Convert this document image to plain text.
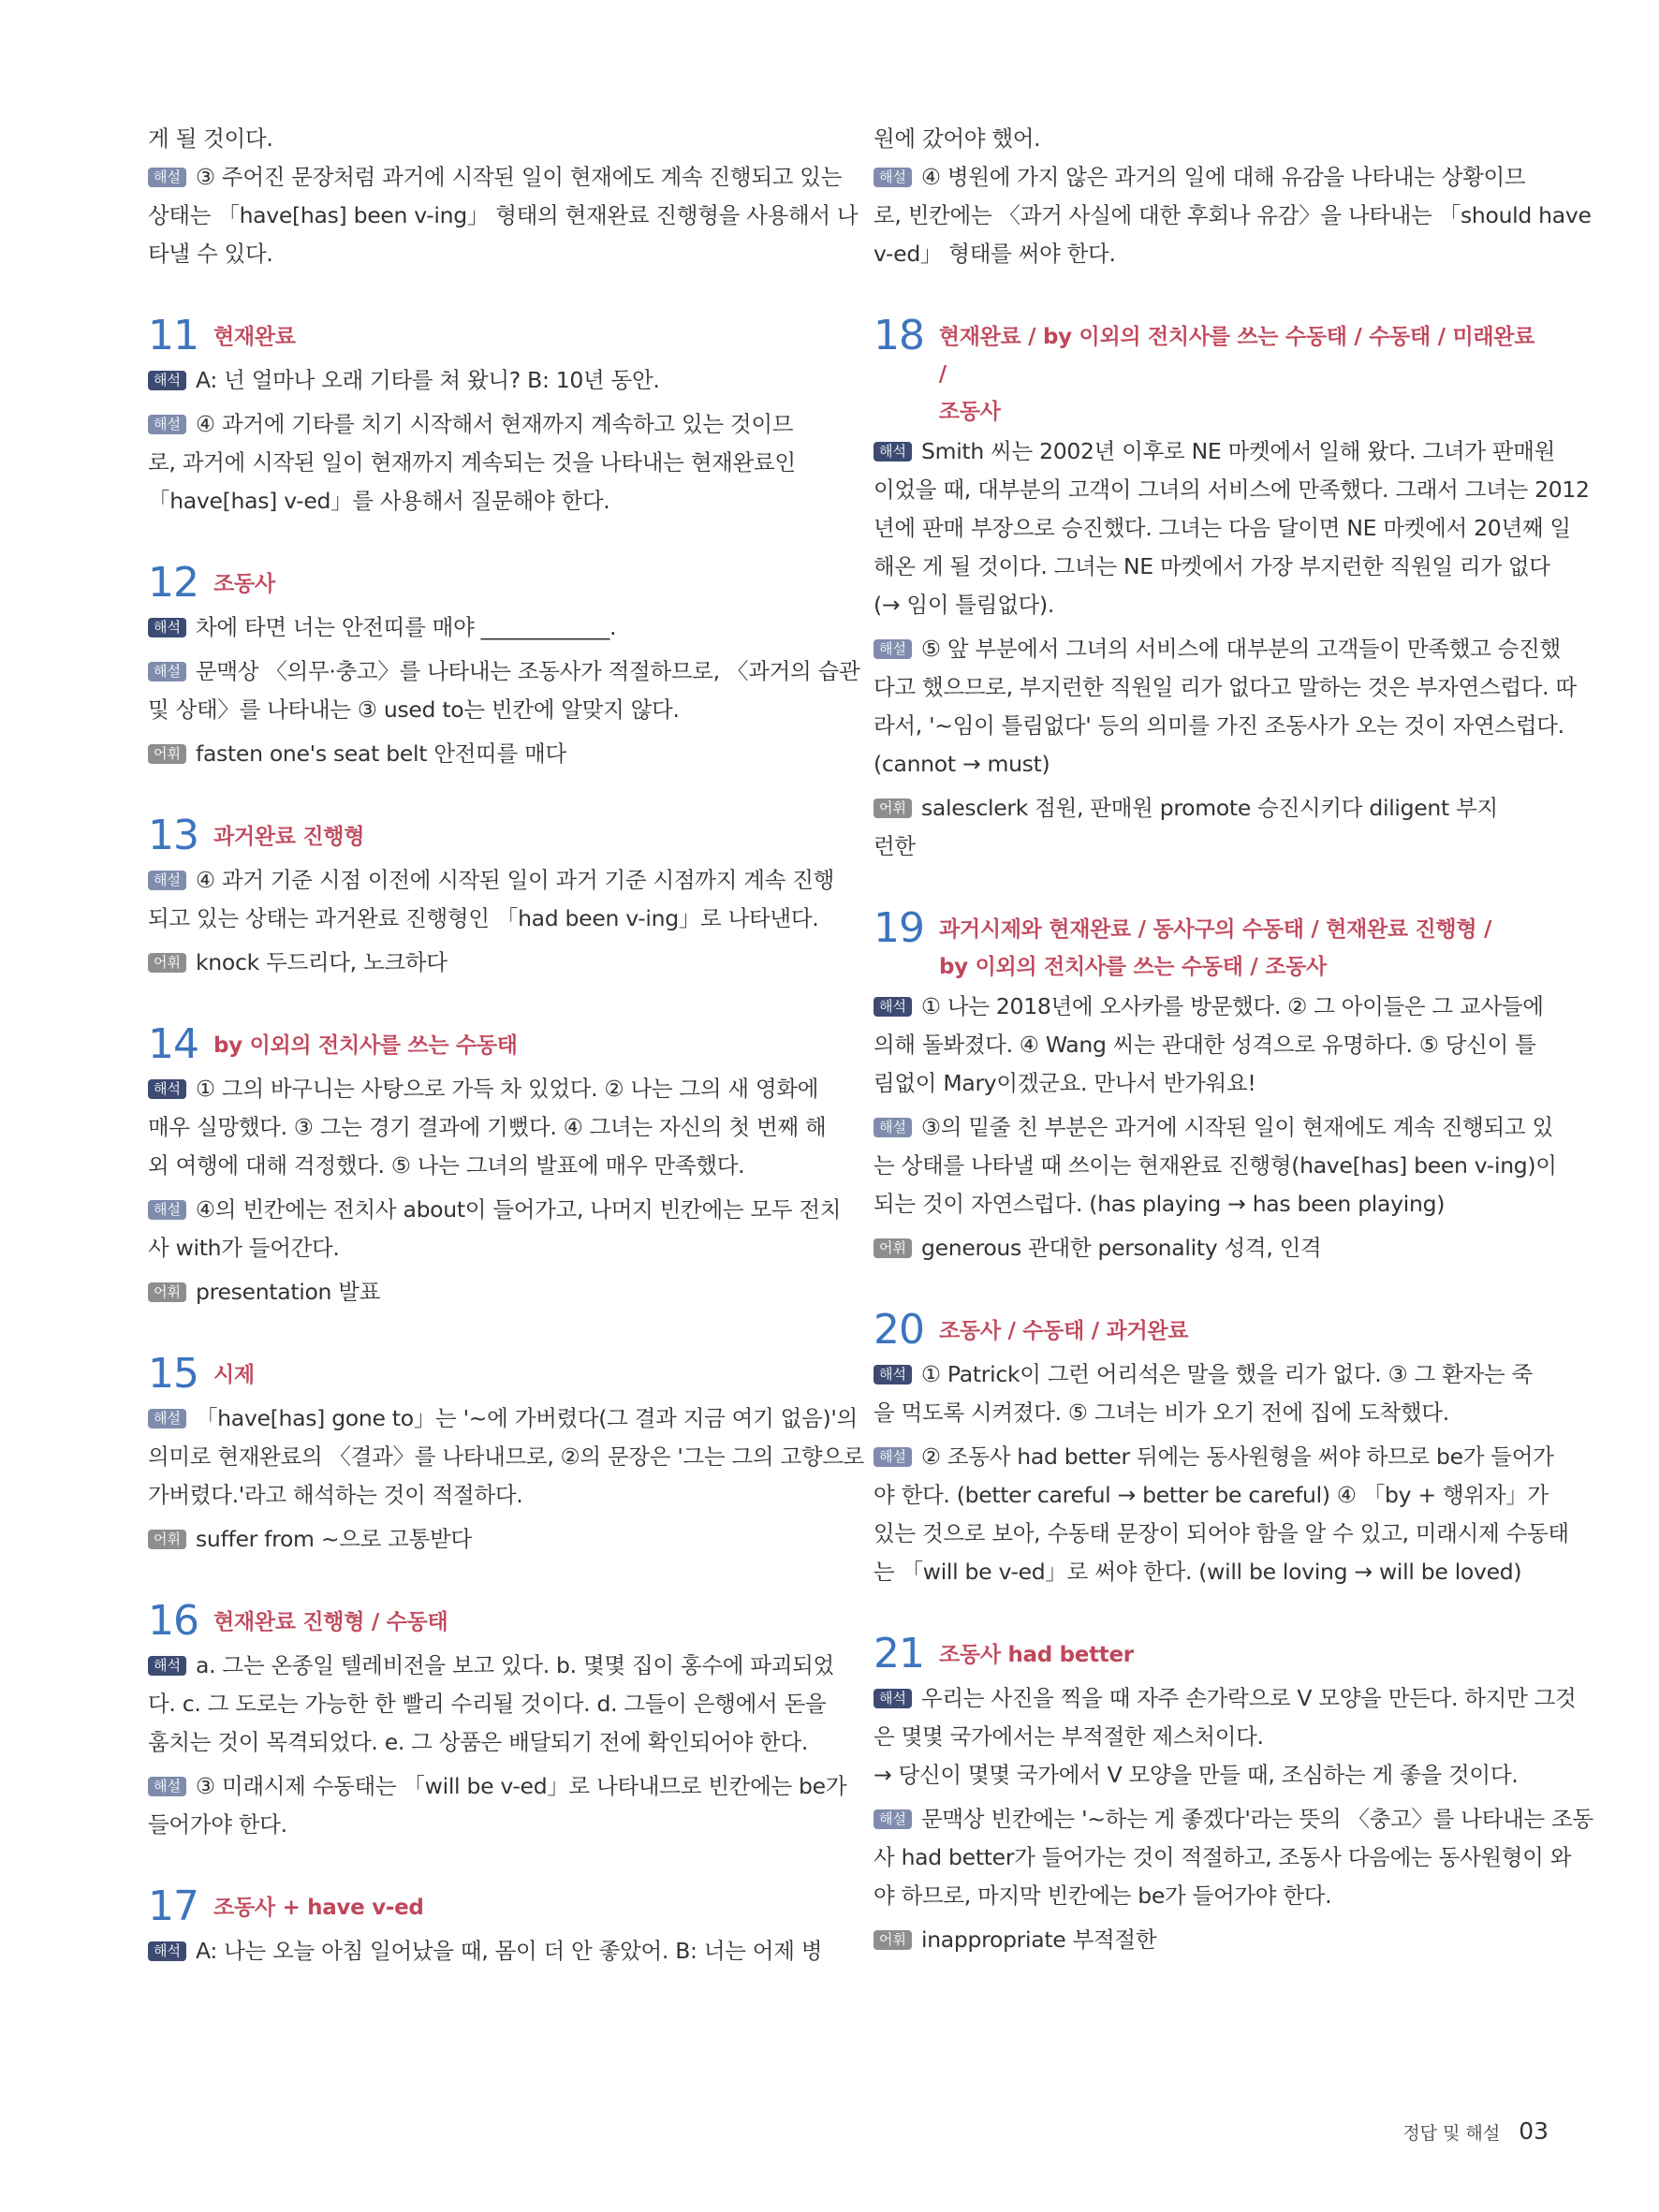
게 될 것이다.

해설 ③ 주어진 문장처럼 과거에 시작된 일이 현재에도 계속 진행되고 있는

상태는 「have[has] been v-ing」 형태의 현재완료 진행형을 사용해서 나

타낼 수 있다.

11 현재완료

해석 A: 넌 얼마나 오래 기타를 쳐 왔니? B: 10년 동안.

해설 ④ 과거에 기타를 치기 시작해서 현재까지 계속하고 있는 것이므

로, 과거에 시작된 일이 현재까지 계속되는 것을 나타내는 현재완료인

「have[has] v-ed」를 사용해서 질문해야 한다.

12 조동사

해석 차에 타면 너는 안전띠를 매야 ____________.

해설 문맥상 〈의무·충고〉를 나타내는 조동사가 적절하므로, 〈과거의 습관

및 상태〉를 나타내는 ③ used to는 빈칸에 알맞지 않다.

어휘 fasten one's seat belt 안전띠를 매다

13 과거완료 진행형

해설 ④ 과거 기준 시점 이전에 시작된 일이 과거 기준 시점까지 계속 진행

되고 있는 상태는 과거완료 진행형인 「had been v-ing」로 나타낸다.

어휘 knock 두드리다, 노크하다

14 by 이외의 전치사를 쓰는 수동태

해석 ① 그의 바구니는 사탕으로 가득 차 있었다. ② 나는 그의 새 영화에

매우 실망했다. ③ 그는 경기 결과에 기뻤다. ④ 그녀는 자신의 첫 번째 해

외 여행에 대해 걱정했다. ⑤ 나는 그녀의 발표에 매우 만족했다.

해설 ④의 빈칸에는 전치사 about이 들어가고, 나머지 빈칸에는 모두 전치

사 with가 들어간다.

어휘 presentation 발표

15 시제

해설 「have[has] gone to」는 '~에 가버렸다(그 결과 지금 여기 없음)'의

의미로 현재완료의 〈결과〉를 나타내므로, ②의 문장은 '그는 그의 고향으로

가버렸다.'라고 해석하는 것이 적절하다.

어휘 suffer from ~으로 고통받다

16 현재완료 진행형 / 수동태

해석 a. 그는 온종일 텔레비전을 보고 있다. b. 몇몇 집이 홍수에 파괴되었

다. c. 그 도로는 가능한 한 빨리 수리될 것이다. d. 그들이 은행에서 돈을

훔치는 것이 목격되었다. e. 그 상품은 배달되기 전에 확인되어야 한다.

해설 ③ 미래시제 수동태는 「will be v-ed」로 나타내므로 빈칸에는 be가

들어가야 한다.

17 조동사 + have v-ed

해석 A: 나는 오늘 아침 일어났을 때, 몸이 더 안 좋았어. B: 너는 어제 병

원에 갔어야 했어.

해설 ④ 병원에 가지 않은 과거의 일에 대해 유감을 나타내는 상황이므

로, 빈칸에는 〈과거 사실에 대한 후회나 유감〉을 나타내는 「should have

v-ed」 형태를 써야 한다.

18 현재완료 / by 이외의 전치사를 쓰는 수동태 / 수동태 / 미래완료 /
조동사

해석 Smith 씨는 2002년 이후로 NE 마켓에서 일해 왔다. 그녀가 판매원

이었을 때, 대부분의 고객이 그녀의 서비스에 만족했다. 그래서 그녀는 2012

년에 판매 부장으로 승진했다. 그녀는 다음 달이면 NE 마켓에서 20년째 일

해온 게 될 것이다. 그녀는 NE 마켓에서 가장 부지런한 직원일 리가 없다

(→ 임이 틀림없다).

해설 ⑤ 앞 부분에서 그녀의 서비스에 대부분의 고객들이 만족했고 승진했

다고 했으므로, 부지런한 직원일 리가 없다고 말하는 것은 부자연스럽다. 따

라서, '~임이 틀림없다' 등의 의미를 가진 조동사가 오는 것이 자연스럽다.

(cannot → must)

어휘 salesclerk 점원, 판매원 promote 승진시키다 diligent 부지

런한

19 과거시제와 현재완료 / 동사구의 수동태 / 현재완료 진행형 /
by 이외의 전치사를 쓰는 수동태 / 조동사

해석 ① 나는 2018년에 오사카를 방문했다. ② 그 아이들은 그 교사들에

의해 돌봐졌다. ④ Wang 씨는 관대한 성격으로 유명하다. ⑤ 당신이 틀

림없이 Mary이겠군요. 만나서 반가워요!

해설 ③의 밑줄 친 부분은 과거에 시작된 일이 현재에도 계속 진행되고 있

는 상태를 나타낼 때 쓰이는 현재완료 진행형(have[has] been v-ing)이

되는 것이 자연스럽다. (has playing → has been playing)

어휘 generous 관대한 personality 성격, 인격

20 조동사 / 수동태 / 과거완료

해석 ① Patrick이 그런 어리석은 말을 했을 리가 없다. ③ 그 환자는 죽

을 먹도록 시켜졌다. ⑤ 그녀는 비가 오기 전에 집에 도착했다.

해설 ② 조동사 had better 뒤에는 동사원형을 써야 하므로 be가 들어가

야 한다. (better careful → better be careful) ④ 「by + 행위자」가

있는 것으로 보아, 수동태 문장이 되어야 함을 알 수 있고, 미래시제 수동태

는 「will be v-ed」로 써야 한다. (will be loving → will be loved)

21 조동사 had better

해석 우리는 사진을 찍을 때 자주 손가락으로 V 모양을 만든다. 하지만 그것

은 몇몇 국가에서는 부적절한 제스처이다.

→ 당신이 몇몇 국가에서 V 모양을 만들 때, 조심하는 게 좋을 것이다.

해설 문맥상 빈칸에는 '~하는 게 좋겠다'라는 뜻의 〈충고〉를 나타내는 조동

사 had better가 들어가는 것이 적절하고, 조동사 다음에는 동사원형이 와

야 하므로, 마지막 빈칸에는 be가 들어가야 한다.

어휘 inappropriate 부적절한

정답 및 해설 03
